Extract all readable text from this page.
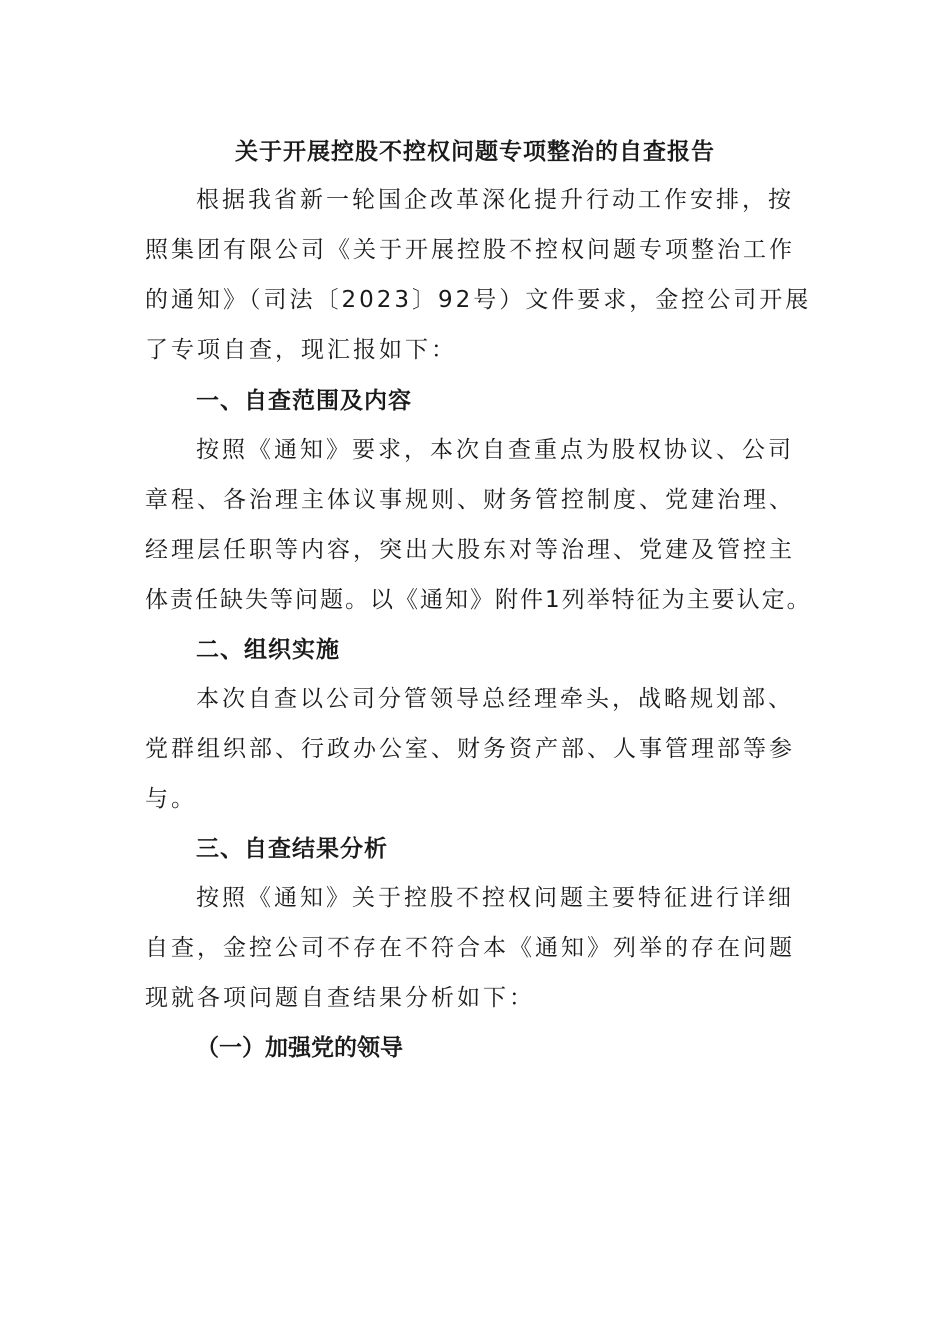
关于开展控股不控权问题专项整治的自查报告
根据我省新一轮国企改革深化提升行动工作安排，按
照集团有限公司《关于开展控股不控权问题专项整治工作
的通知》（司法〔2023〕92号）文件要求，金控公司开展
了专项自查，现汇报如下：
一、自查范围及内容
按照《通知》要求，本次自查重点为股权协议、公司
章程、各治理主体议事规则、财务管控制度、党建治理、
经理层任职等内容，突出大股东对等治理、党建及管控主
体责任缺失等问题。以《通知》附件1列举特征为主要认定。
二、组织实施
本次自查以公司分管领导总经理牵头，战略规划部、
党群组织部、行政办公室、财务资产部、人事管理部等参
与。
三、自查结果分析
按照《通知》关于控股不控权问题主要特征进行详细
自查，金控公司不存在不符合本《通知》列举的存在问题
现就各项问题自查结果分析如下：
（一）加强党的领导
